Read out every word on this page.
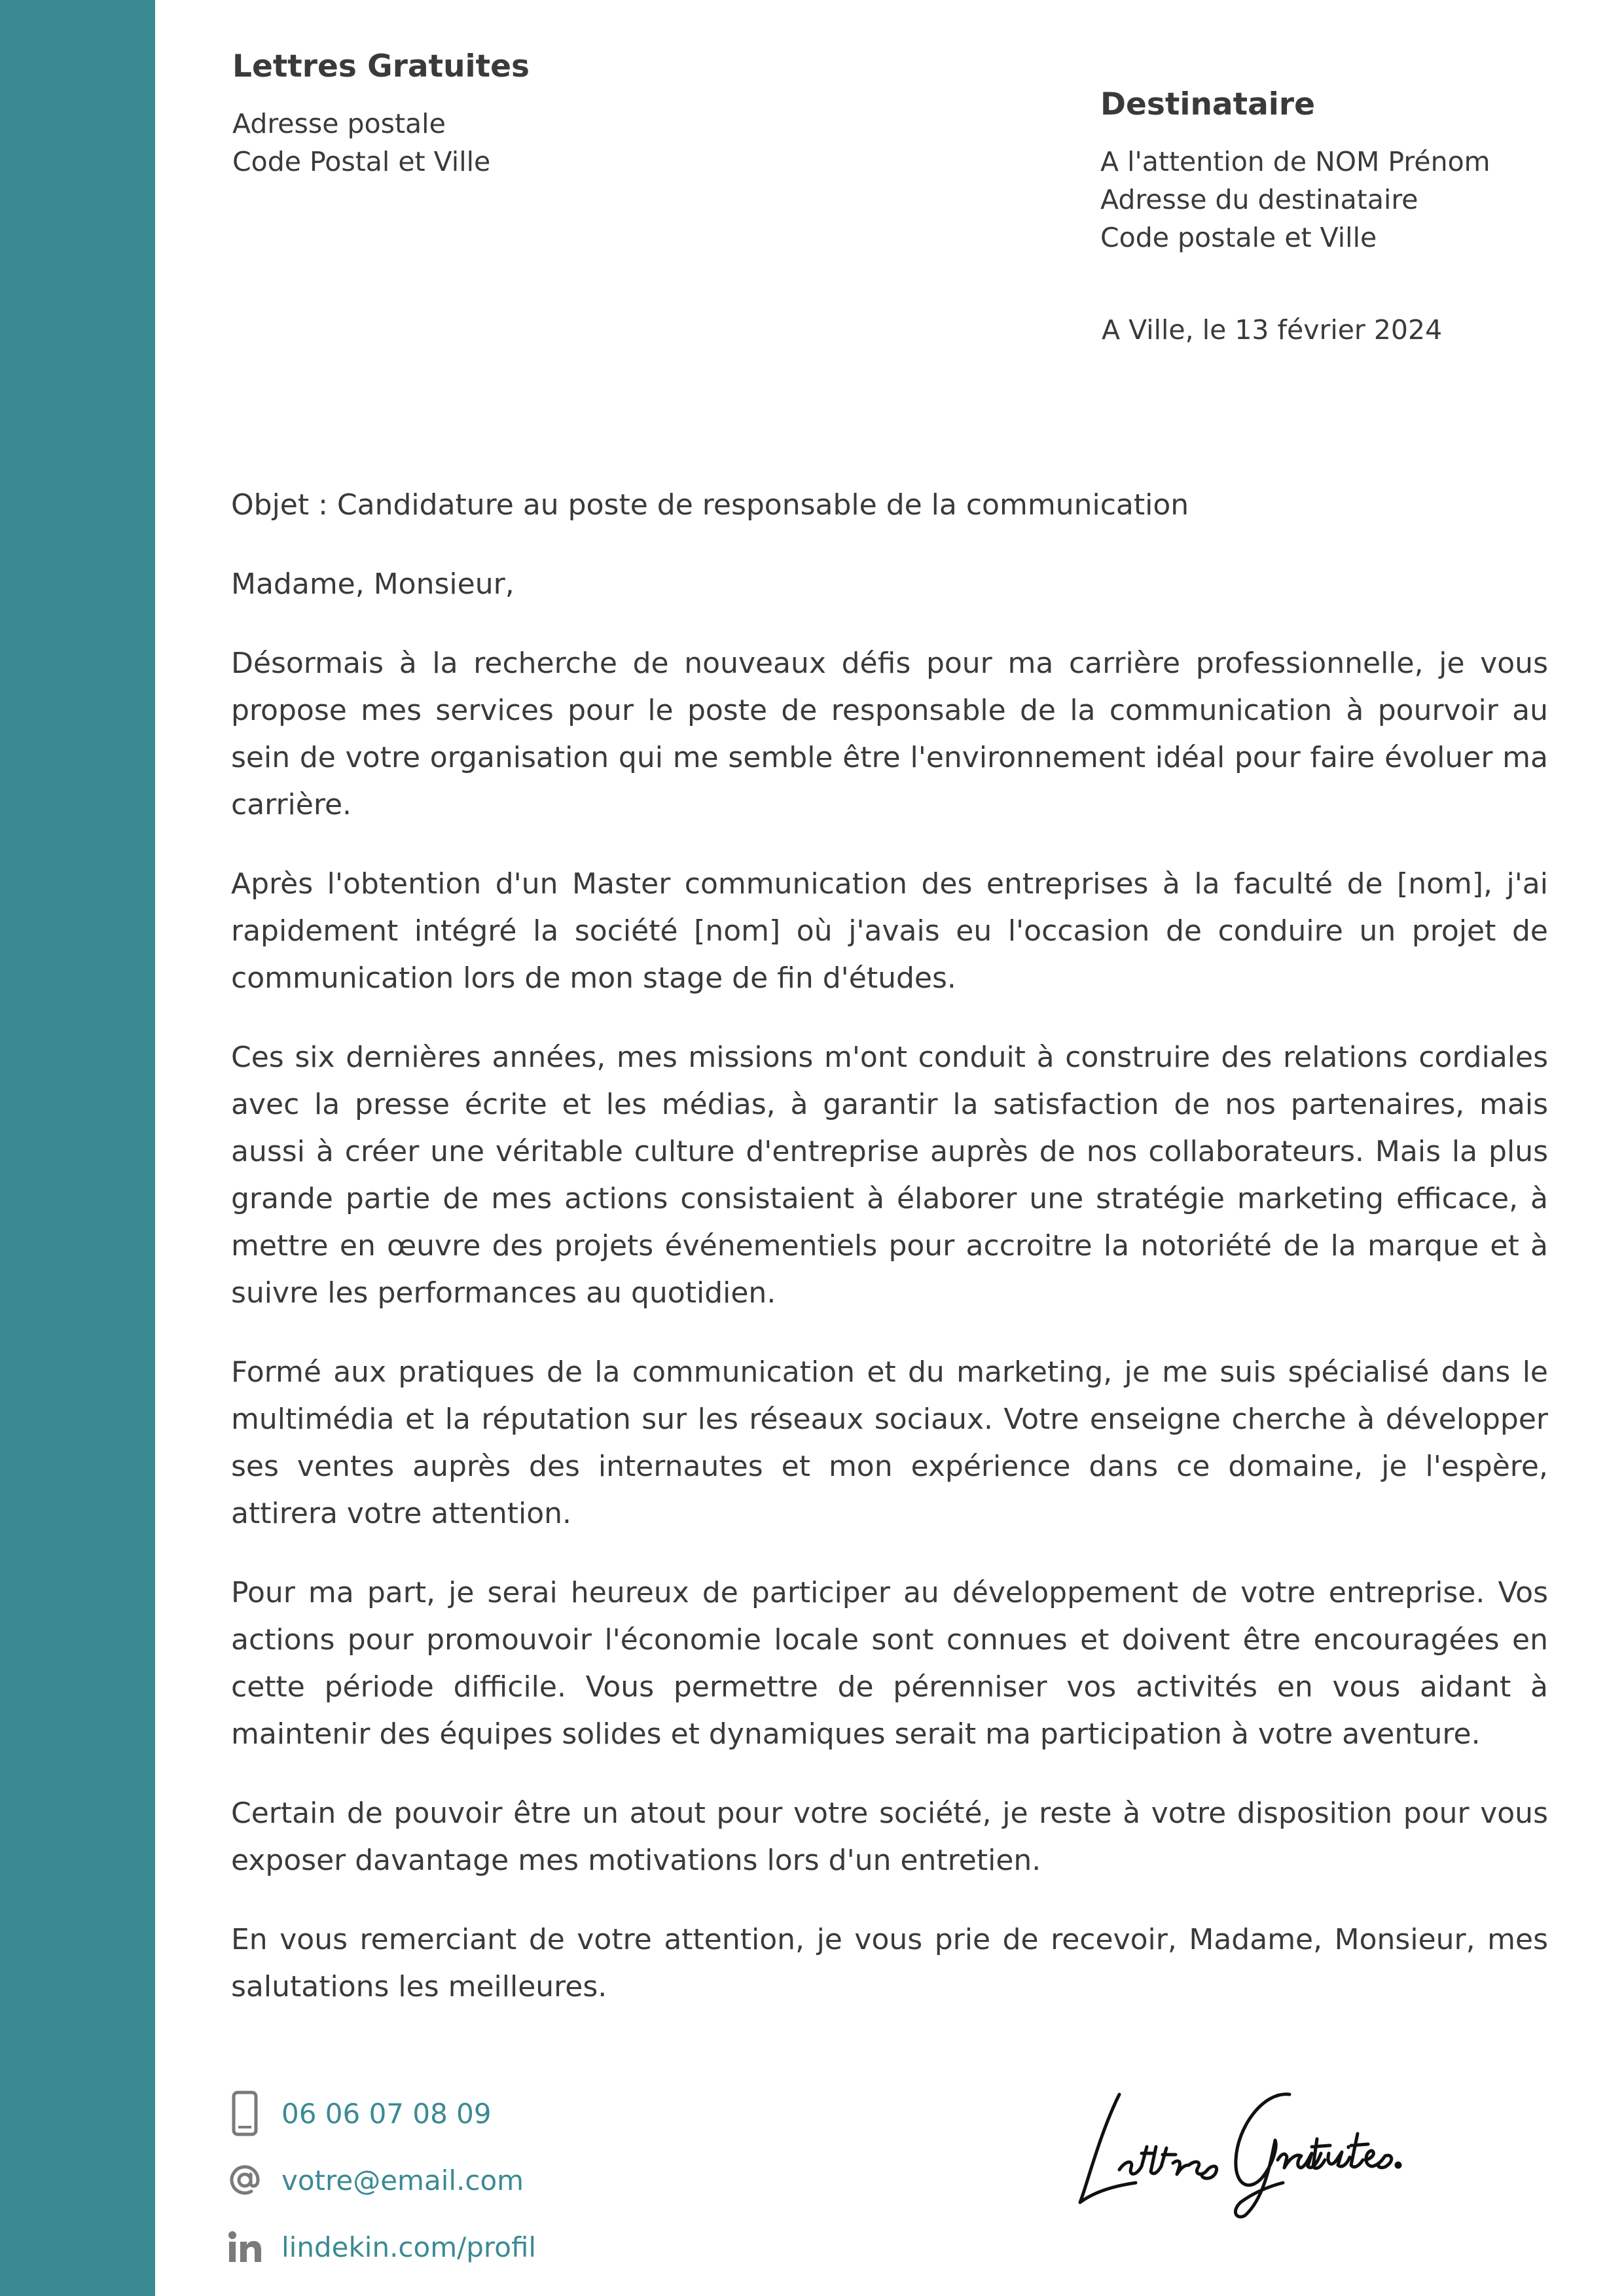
Lettres Gratuites
Adresse postale
Code Postal et Ville
Destinataire
A l'attention de NOM Prénom
Adresse du destinataire
Code postale et Ville
A Ville, le 13 février 2024

Objet : Candidature au poste de responsable de la communication

Madame, Monsieur,

Désormais à la recherche de nouveaux défis pour ma carrière professionnelle, je vous propose mes services pour le poste de responsable de la communication à pourvoir au sein de votre organisation qui me semble être l'environnement idéal pour faire évoluer ma carrière.

Après l'obtention d'un Master communication des entreprises à la faculté de [nom], j'ai rapidement intégré la société [nom] où j'avais eu l'occasion de conduire un projet de communication lors de mon stage de fin d'études.

Ces six dernières années, mes missions m'ont conduit à construire des relations cordiales avec la presse écrite et les médias, à garantir la satisfaction de nos partenaires, mais aussi à créer une véritable culture d'entreprise auprès de nos collaborateurs. Mais la plus grande partie de mes actions consistaient à élaborer une stratégie marketing efficace, à mettre en œuvre des projets événementiels pour accroitre la notoriété de la marque et à suivre les performances au quotidien.

Formé aux pratiques de la communication et du marketing, je me suis spécialisé dans le multimédia et la réputation sur les réseaux sociaux. Votre enseigne cherche à développer ses ventes auprès des internautes et mon expérience dans ce domaine, je l'espère, attirera votre attention.

Pour ma part, je serai heureux de participer au développement de votre entreprise. Vos actions pour promouvoir l'économie locale sont connues et doivent être encouragées en cette période difficile. Vous permettre de pérenniser vos activités en vous aidant à maintenir des équipes solides et dynamiques serait ma participation à votre aventure.

Certain de pouvoir être un atout pour votre société, je reste à votre disposition pour vous exposer davantage mes motivations lors d'un entretien.

En vous remerciant de votre attention, je vous prie de recevoir, Madame, Monsieur, mes salutations les meilleures.

06 06 07 08 09
votre@email.com
lindekin.com/profil
